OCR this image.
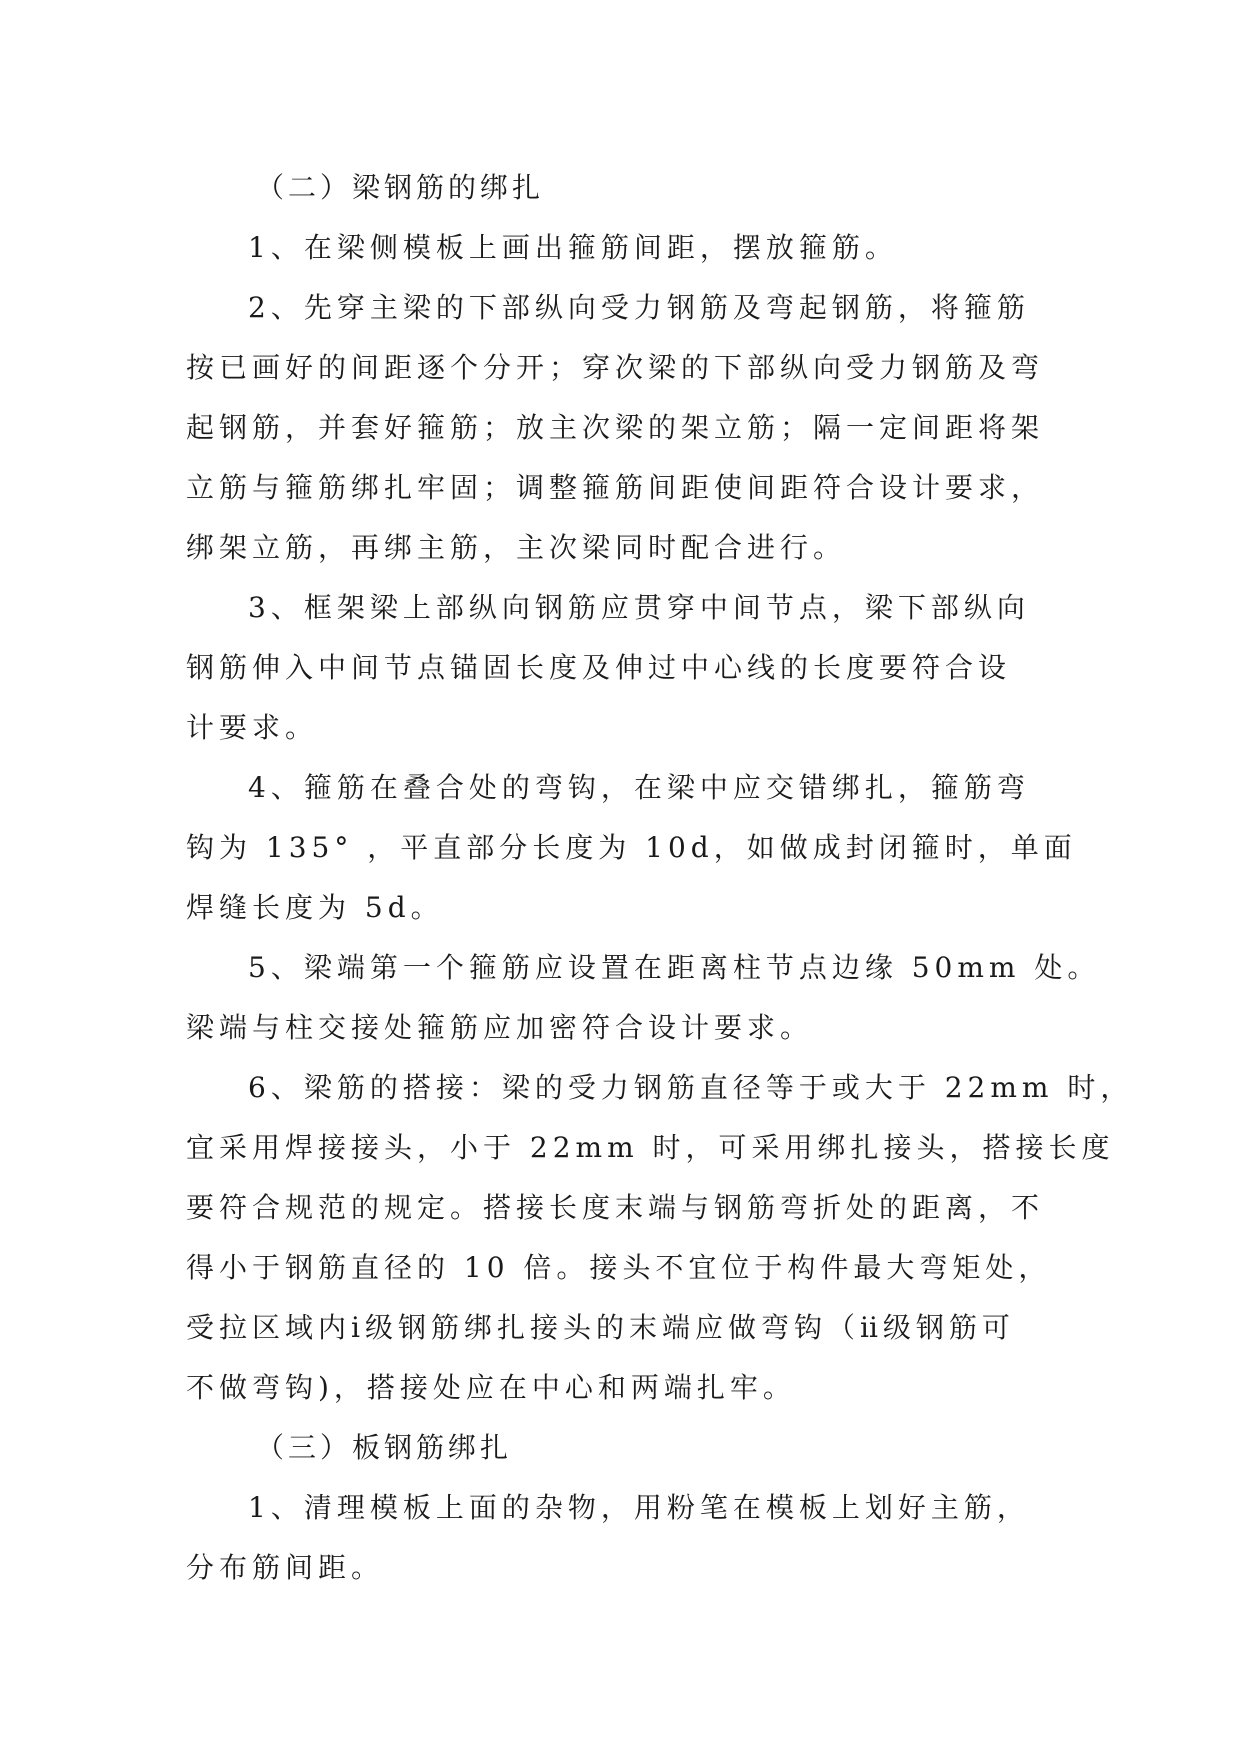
（二）梁钢筋的绑扎
1、在梁侧模板上画出箍筋间距，摆放箍筋。
2、先穿主梁的下部纵向受力钢筋及弯起钢筋，将箍筋
按已画好的间距逐个分开；穿次梁的下部纵向受力钢筋及弯
起钢筋，并套好箍筋；放主次梁的架立筋；隔一定间距将架
立筋与箍筋绑扎牢固；调整箍筋间距使间距符合设计要求，
绑架立筋，再绑主筋，主次梁同时配合进行。
3、框架梁上部纵向钢筋应贯穿中间节点，梁下部纵向
钢筋伸入中间节点锚固长度及伸过中心线的长度要符合设
计要求。
4、箍筋在叠合处的弯钩，在梁中应交错绑扎，箍筋弯
钩为 135° ，平直部分长度为 10d，如做成封闭箍时，单面
焊缝长度为 5d。
5、梁端第一个箍筋应设置在距离柱节点边缘 50mm 处。
梁端与柱交接处箍筋应加密符合设计要求。
6、梁筋的搭接：梁的受力钢筋直径等于或大于 22mm 时，
宜采用焊接接头，小于 22mm 时，可采用绑扎接头，搭接长度
要符合规范的规定。搭接长度末端与钢筋弯折处的距离，不
得小于钢筋直径的 10 倍。接头不宜位于构件最大弯矩处，
受拉区域内ⅰ级钢筋绑扎接头的末端应做弯钩（ⅱ级钢筋可
不做弯钩)，搭接处应在中心和两端扎牢。
（三）板钢筋绑扎
1、清理模板上面的杂物，用粉笔在模板上划好主筋，
分布筋间距。
